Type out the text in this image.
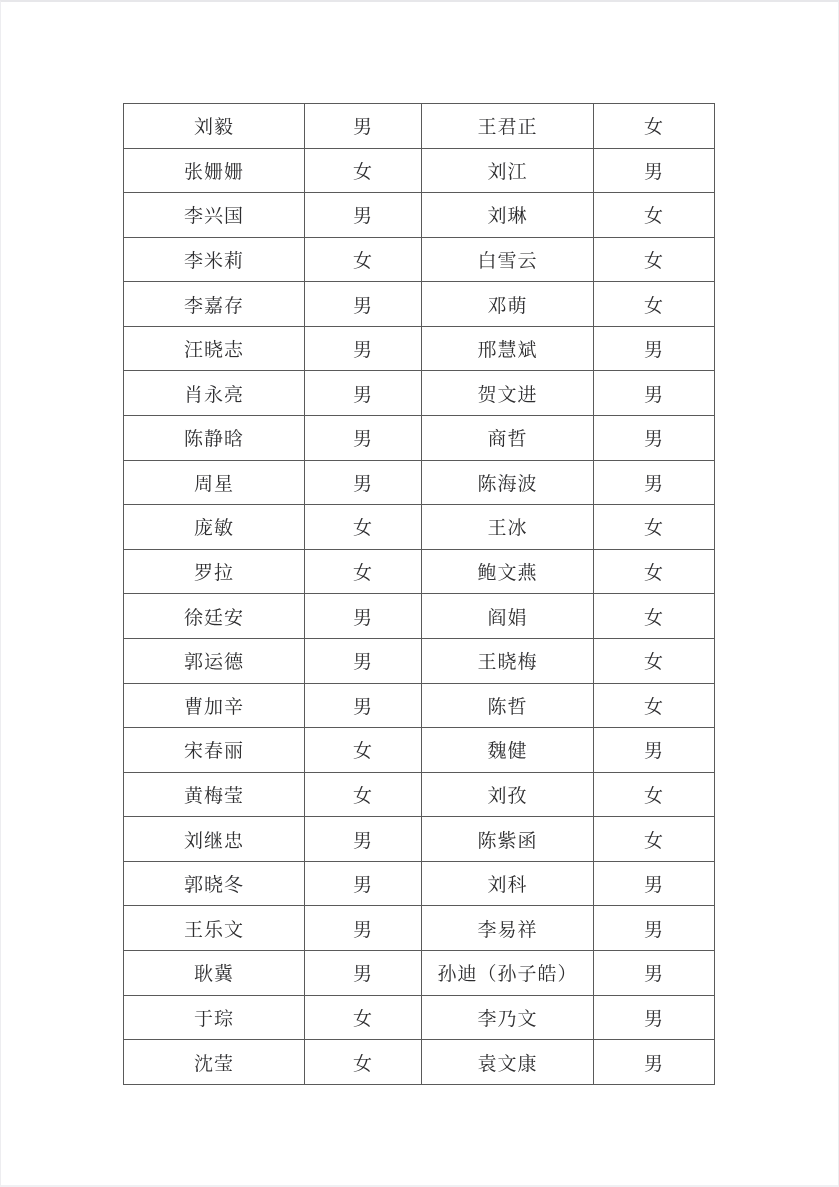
刘毅	男	王君正	女
张姗姗	女	刘江	男
李兴国	男	刘琳	女
李米莉	女	白雪云	女
李嘉存	男	邓萌	女
汪晓志	男	邢慧斌	男
肖永亮	男	贺文进	男
陈静晗	男	商哲	男
周星	男	陈海波	男
庞敏	女	王冰	女
罗拉	女	鲍文燕	女
徐廷安	男	阎娟	女
郭运德	男	王晓梅	女
曹加辛	男	陈哲	女
宋春丽	女	魏健	男
黄梅莹	女	刘孜	女
刘继忠	男	陈紫函	女
郭晓冬	男	刘科	男
王乐文	男	李易祥	男
耿冀	男	孙迪（孙子皓）	男
于琮	女	李乃文	男
沈莹	女	袁文康	男
